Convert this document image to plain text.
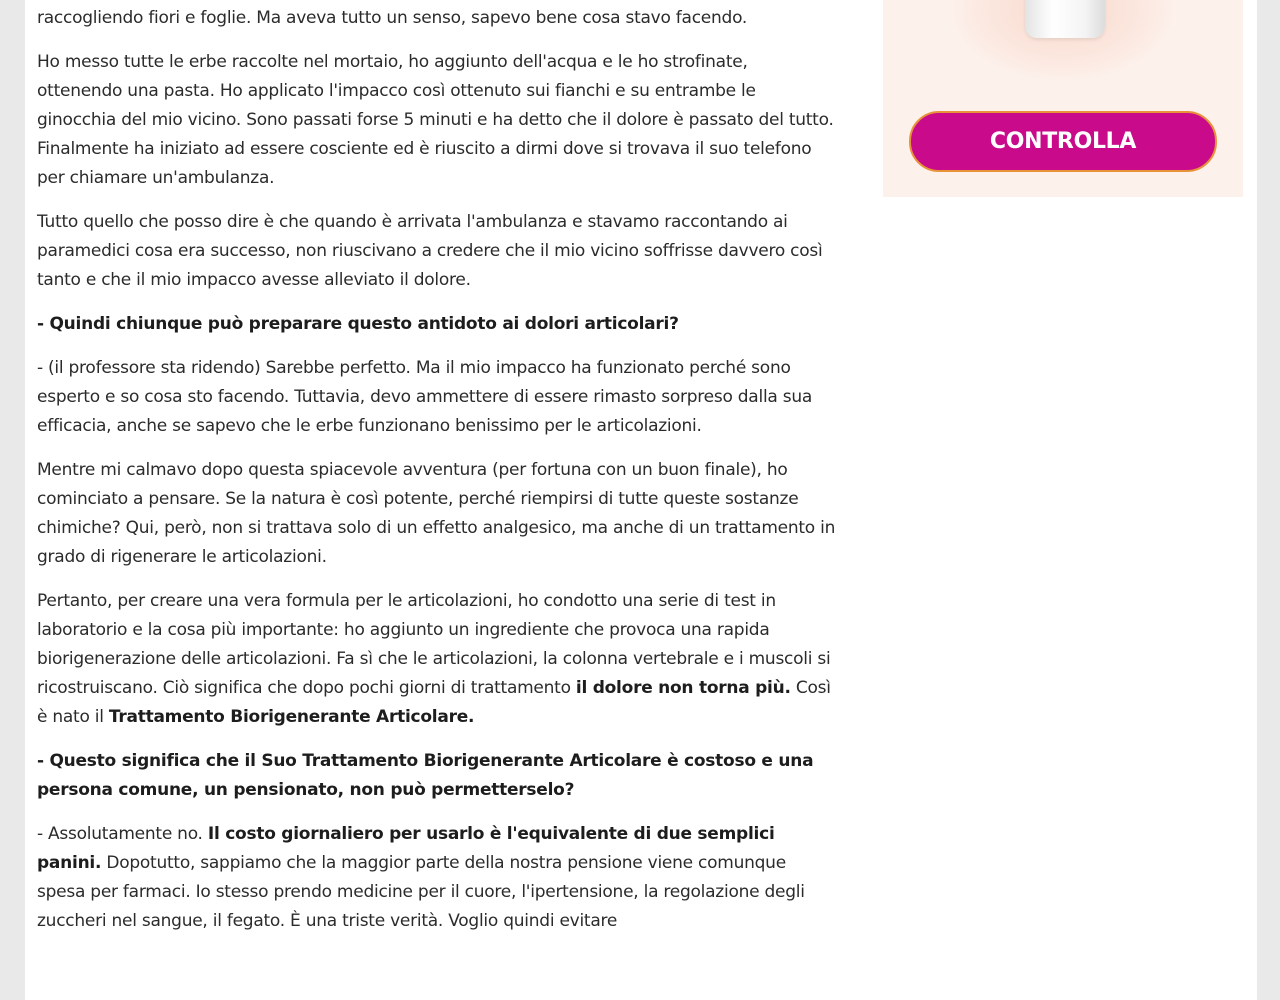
raccogliendo fiori e foglie. Ma aveva tutto un senso, sapevo bene cosa stavo facendo.

Ho messo tutte le erbe raccolte nel mortaio, ho aggiunto dell'acqua e le ho strofinate, ottenendo una pasta. Ho applicato l'impacco così ottenuto sui fianchi e su entrambe le ginocchia del mio vicino. Sono passati forse 5 minuti e ha detto che il dolore è passato del tutto. Finalmente ha iniziato ad essere cosciente ed è riuscito a dirmi dove si trovava il suo telefono per chiamare un'ambulanza.

Tutto quello che posso dire è che quando è arrivata l'ambulanza e stavamo raccontando ai paramedici cosa era successo, non riuscivano a credere che il mio vicino soffrisse davvero così tanto e che il mio impacco avesse alleviato il dolore.

- Quindi chiunque può preparare questo antidoto ai dolori articolari?

- (il professore sta ridendo) Sarebbe perfetto. Ma il mio impacco ha funzionato perché sono esperto e so cosa sto facendo. Tuttavia, devo ammettere di essere rimasto sorpreso dalla sua efficacia, anche se sapevo che le erbe funzionano benissimo per le articolazioni.

Mentre mi calmavo dopo questa spiacevole avventura (per fortuna con un buon finale), ho cominciato a pensare. Se la natura è così potente, perché riempirsi di tutte queste sostanze chimiche? Qui, però, non si trattava solo di un effetto analgesico, ma anche di un trattamento in grado di rigenerare le articolazioni.

Pertanto, per creare una vera formula per le articolazioni, ho condotto una serie di test in laboratorio e la cosa più importante: ho aggiunto un ingrediente che provoca una rapida biorigenerazione delle articolazioni. Fa sì che le articolazioni, la colonna vertebrale e i muscoli si ricostruiscano. Ciò significa che dopo pochi giorni di trattamento il dolore non torna più. Così è nato il Trattamento Biorigenerante Articolare.

- Questo significa che il Suo Trattamento Biorigenerante Articolare è costoso e una persona comune, un pensionato, non può permetterselo?

- Assolutamente no. Il costo giornaliero per usarlo è l'equivalente di due semplici panini. Dopotutto, sappiamo che la maggior parte della nostra pensione viene comunque spesa per farmaci. Io stesso prendo medicine per il cuore, l'ipertensione, la regolazione degli zuccheri nel sangue, il fegato. È una triste verità. Voglio quindi evitare

CONTROLLA
